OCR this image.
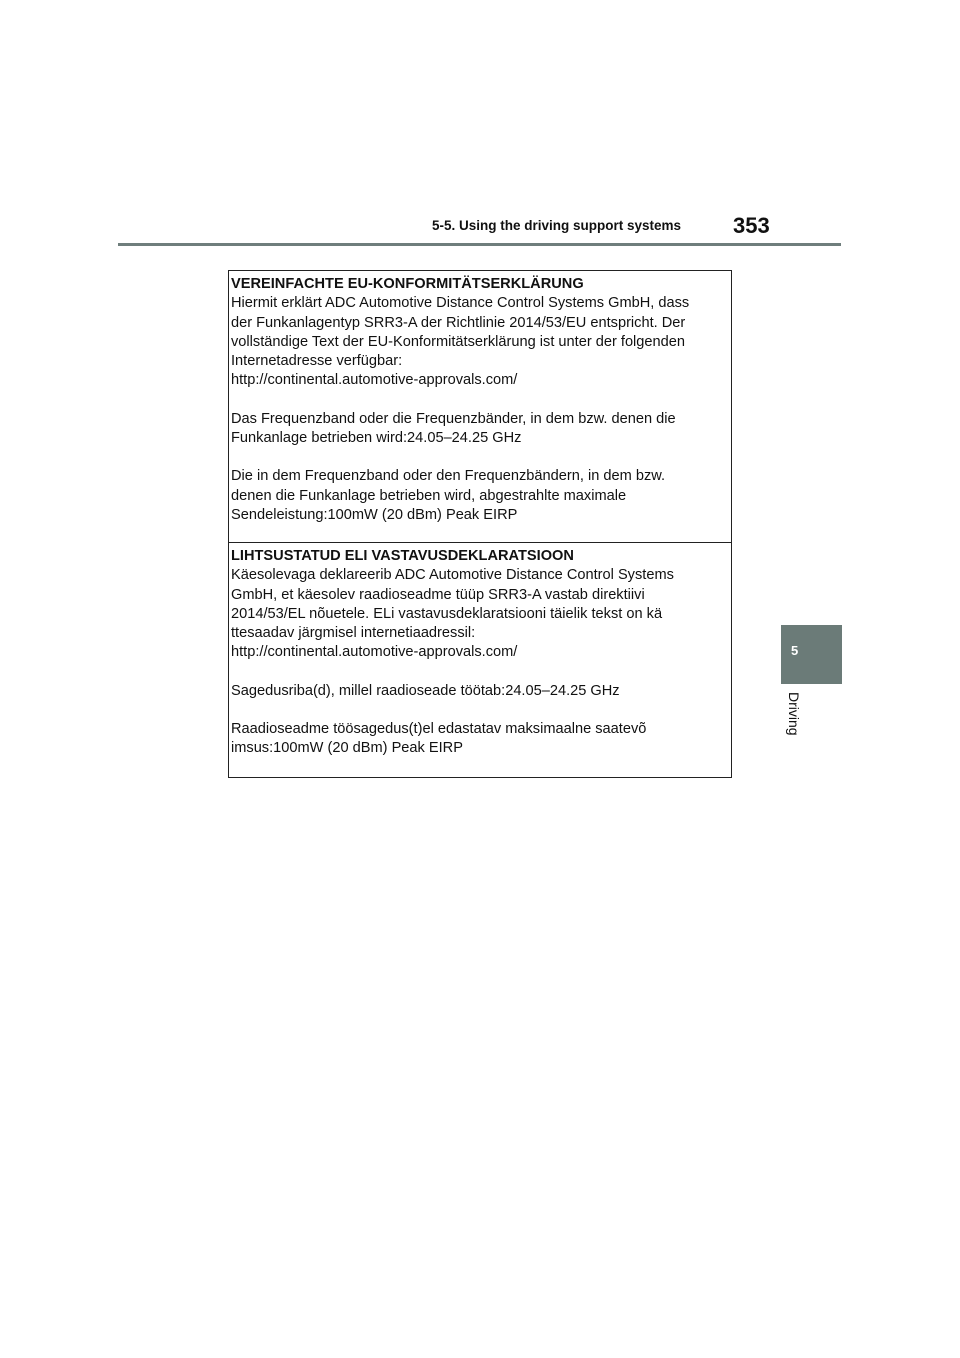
5-5. Using the driving support systems 353
5
Driving
VEREINFACHTE EU-KONFORMITÄTSERKLÄRUNG

Hiermit erklärt ADC Automotive Distance Control Systems GmbH, dass
der Funkanlagentyp SRR3-A der Richtlinie 2014/53/EU entspricht. Der
vollständige Text der EU-Konformitätserklärung ist unter der folgenden
Internetadresse verfügbar:
http://continental.automotive-approvals.com/

Das Frequenzband oder die Frequenzbänder, in dem bzw. denen die
Funkanlage betrieben wird:24.05–24.25 GHz

Die in dem Frequenzband oder den Frequenzbändern, in dem bzw.
denen die Funkanlage betrieben wird, abgestrahlte maximale
Sendeleistung:100mW (20 dBm) Peak EIRP

LIHTSUSTATUD ELI VASTAVUSDEKLARATSIOON

Käesolevaga deklareerib ADC Automotive Distance Control Systems
GmbH, et käesolev raadioseadme tüüp SRR3-A vastab direktiivi
2014/53/EL nõuetele. ELi vastavusdeklaratsiooni täielik tekst on kä
ttesaadav järgmisel internetiaadressil:
http://continental.automotive-approvals.com/

Sagedusriba(d), millel raadioseade töötab:24.05–24.25 GHz

Raadioseadme töösagedus(t)el edastatav maksimaalne saatevõ
imsus:100mW (20 dBm) Peak EIRP
